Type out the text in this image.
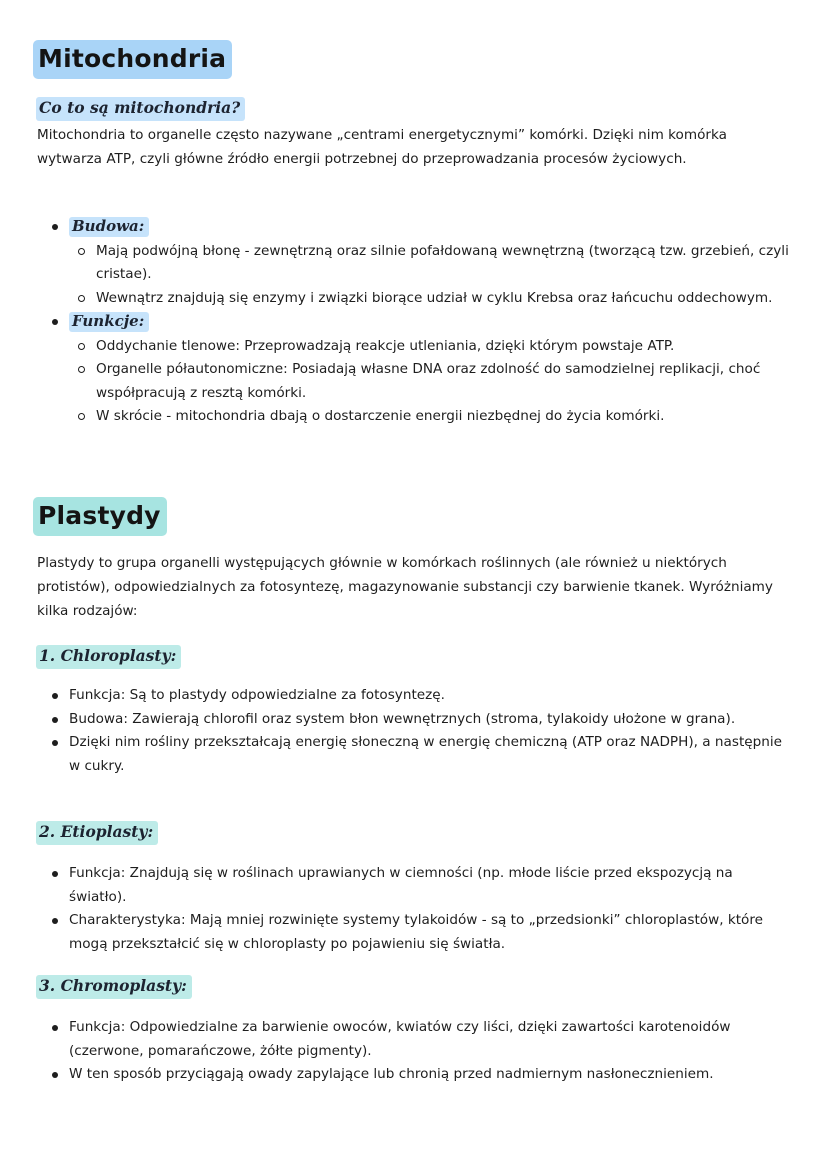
Mitochondria
Co to są mitochondria?

Mitochondria to organelle często nazywane „centrami energetycznymi” komórki. Dzięki nim komórka wytwarza ATP, czyli główne źródło energii potrzebnej do przeprowadzania procesów życiowych.

Budowa:
Mają podwójną błonę - zewnętrzną oraz silnie pofałdowaną wewnętrzną (tworzącą tzw. grzebień, czyli cristae).
Wewnątrz znajdują się enzymy i związki biorące udział w cyklu Krebsa oraz łańcuchu oddechowym.
Funkcje:
Oddychanie tlenowe: Przeprowadzają reakcje utleniania, dzięki którym powstaje ATP.
Organelle półautonomiczne: Posiadają własne DNA oraz zdolność do samodzielnej replikacji, choć współpracują z resztą komórki.
W skrócie - mitochondria dbają o dostarczenie energii niezbędnej do życia komórki.
Plastydy

Plastydy to grupa organelli występujących głównie w komórkach roślinnych (ale również u niektórych protistów), odpowiedzialnych za fotosyntezę, magazynowanie substancji czy barwienie tkanek. Wyróżniamy kilka rodzajów:

1. Chloroplasty:
Funkcja: Są to plastydy odpowiedzialne za fotosyntezę.
Budowa: Zawierają chlorofil oraz system błon wewnętrznych (stroma, tylakoidy ułożone w grana).
Dzięki nim rośliny przekształcają energię słoneczną w energię chemiczną (ATP oraz NADPH), a następnie w cukry.
2. Etioplasty:
Funkcja: Znajdują się w roślinach uprawianych w ciemności (np. młode liście przed ekspozycją na światło).
Charakterystyka: Mają mniej rozwinięte systemy tylakoidów - są to „przedsionki” chloroplastów, które mogą przekształcić się w chloroplasty po pojawieniu się światła.
3. Chromoplasty:
Funkcja: Odpowiedzialne za barwienie owoców, kwiatów czy liści, dzięki zawartości karotenoidów (czerwone, pomarańczowe, żółte pigmenty).
W ten sposób przyciągają owady zapylające lub chronią przed nadmiernym nasłonecznieniem.
